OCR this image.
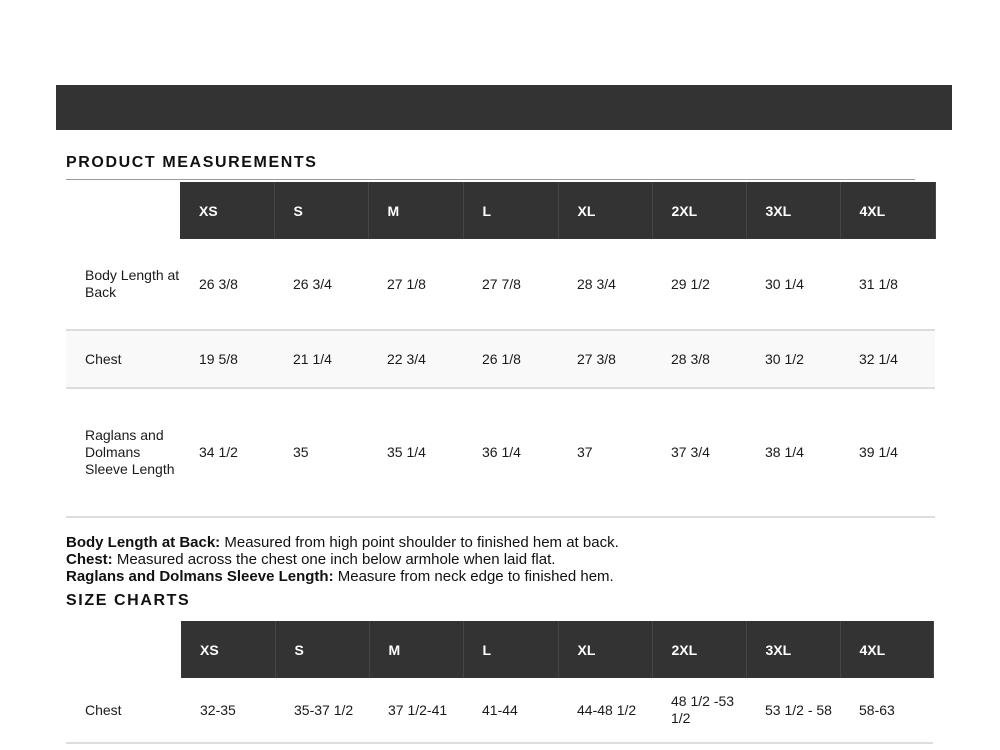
PRODUCT MEASUREMENTS
	XS	S	M	L	XL	2XL	3XL	4XL
Body Length at Back	26 3/8	26 3/4	27 1/8	27 7/8	28 3/4	29 1/2	30 1/4	31 1/8
Chest	19 5/8	21 1/4	22 3/4	26 1/8	27 3/8	28 3/8	30 1/2	32 1/4
Raglans and Dolmans Sleeve Length	34 1/2	35	35 1/4	36 1/4	37	37 3/4	38 1/4	39 1/4

Body Length at Back: Measured from high point shoulder to finished hem at back.

Chest: Measured across the chest one inch below armhole when laid flat.

Raglans and Dolmans Sleeve Length: Measure from neck edge to finished hem.

SIZE CHARTS
	XS	S	M	L	XL	2XL	3XL	4XL
Chest	32-35	35-37 1/2	37 1/2-41	41-44	44-48 1/2	48 1/2 -53 1/2	53 1/2 - 58	58-63
